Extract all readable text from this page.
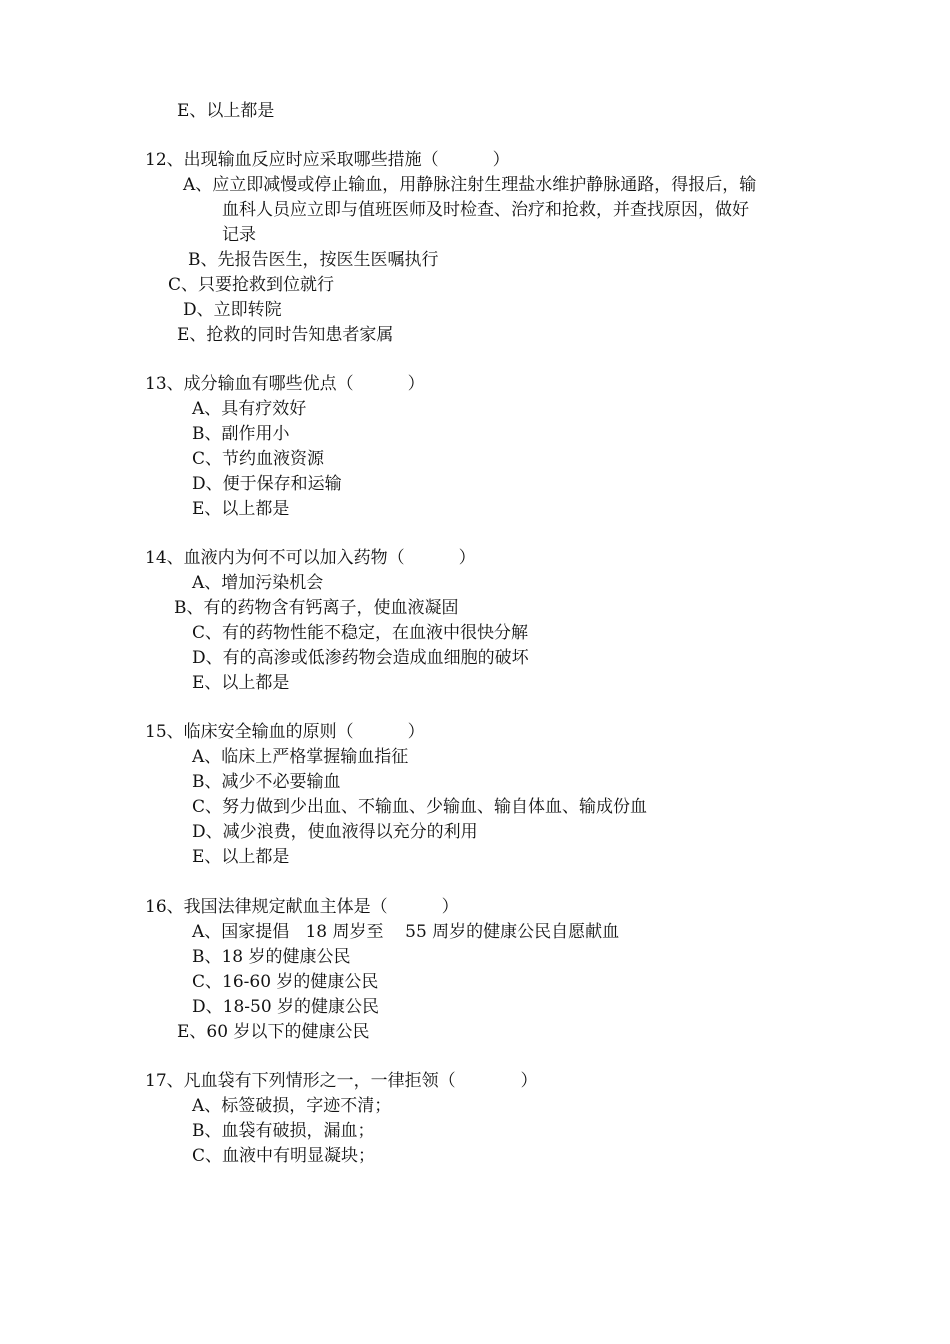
E、以上都是
12、出现输血反应时应采取哪些措施（          ）
A、应立即减慢或停止输血，用静脉注射生理盐水维护静脉通路，得报后，输
血科人员应立即与值班医师及时检查、治疗和抢救，并查找原因，做好
记录
B、先报告医生，按医生医嘱执行
C、只要抢救到位就行
D、立即转院
E、抢救的同时告知患者家属
13、成分输血有哪些优点（          ）
A、具有疗效好
B、副作用小
C、节约血液资源
D、便于保存和运输
E、以上都是
14、血液内为何不可以加入药物（          ）
A、增加污染机会
B、有的药物含有钙离子，使血液凝固
C、有的药物性能不稳定，在血液中很快分解
D、有的高渗或低渗药物会造成血细胞的破坏
E、以上都是
15、临床安全输血的原则（          ）
A、临床上严格掌握输血指征
B、减少不必要输血
C、努力做到少出血、不输血、少输血、输自体血、输成份血
D、减少浪费，使血液得以充分的利用
E、以上都是
16、我国法律规定献血主体是（          ）
A、国家提倡   18 周岁至    55 周岁的健康公民自愿献血
B、18 岁的健康公民
C、16-60 岁的健康公民
D、18-50 岁的健康公民
E、60 岁以下的健康公民
17、凡血袋有下列情形之一，一律拒领（            ）
A、标签破损，字迹不清；
B、血袋有破损，漏血；
C、血液中有明显凝块；
